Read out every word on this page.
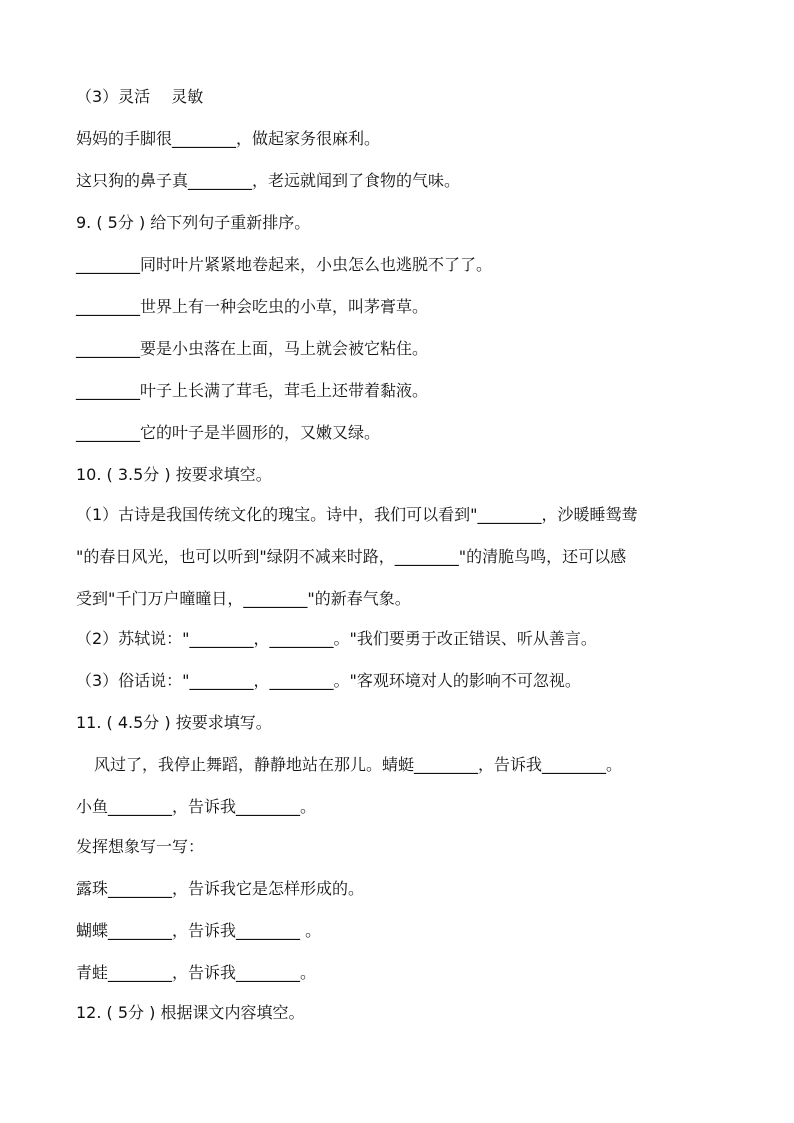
（3）灵活　 灵敏
妈妈的手脚很________，做起家务很麻利。
这只狗的鼻子真________，老远就闻到了食物的气味。
9. ( 5分 ) 给下列句子重新排序。
________同时叶片紧紧地卷起来，小虫怎么也逃脱不了了。
________世界上有一种会吃虫的小草，叫茅膏草。
________要是小虫落在上面，马上就会被它粘住。
________叶子上长满了茸毛，茸毛上还带着黏液。
________它的叶子是半圆形的，又嫩又绿。
10. ( 3.5分 ) 按要求填空。
（1）古诗是我国传统文化的瑰宝。诗中，我们可以看到"________，沙暖睡鸳鸯
"的春日风光，也可以听到"绿阴不减来时路，________"的清脆鸟鸣，还可以感
受到"千门万户曈曈日，________"的新春气象。
（2）苏轼说："________，________。"我们要勇于改正错误、听从善言。
（3）俗话说："________，________。"客观环境对人的影响不可忽视。
11. ( 4.5分 ) 按要求填写。
风过了，我停止舞蹈，静静地站在那儿。蜻蜓________，告诉我________。
小鱼________，告诉我________。
发挥想象写一写：
露珠________，告诉我它是怎样形成的。
蝴蝶________，告诉我________ 。
青蛙________，告诉我________。
12. ( 5分 ) 根据课文内容填空。
